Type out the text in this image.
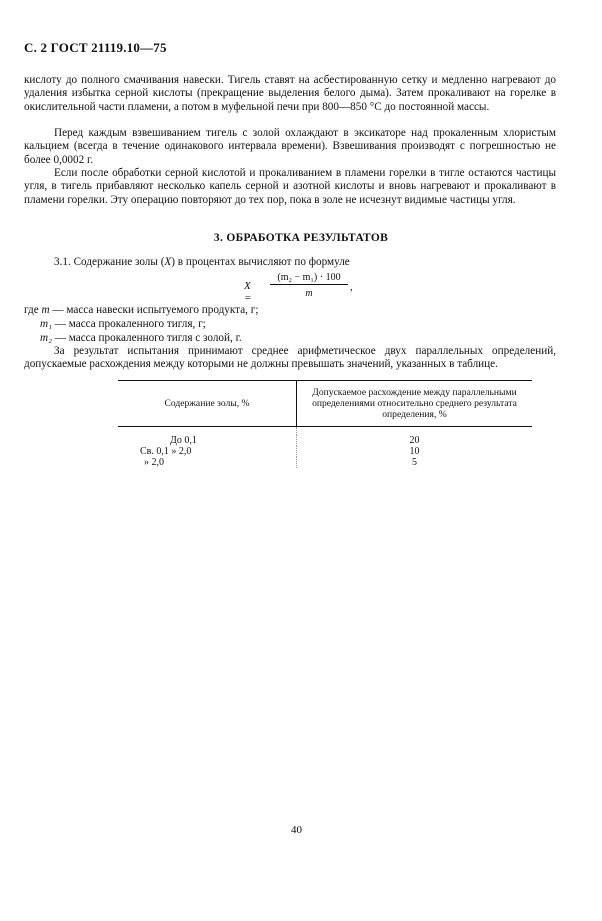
С. 2 ГОСТ 21119.10—75

кислоту до полного смачивания навески. Тигель ставят на асбестированную сетку и медленно нагревают до удаления избытка серной кислоты (прекращение выделения белого дыма). Затем прокаливают на горелке в окислительной части пламени, а потом в муфельной печи при 800—850 °С до постоянной массы.

Перед каждым взвешиванием тигель с золой охлаждают в эксикаторе над прокаленным хлористым кальцием (всегда в течение одинакового интервала времени). Взвешивания производят с погрешностью не более 0,0002 г.

Если после обработки серной кислотой и прокаливанием в пламени горелки в тигле остаются частицы угля, в тигель прибавляют несколько капель серной и азотной кислоты и вновь нагревают и прокаливают в пламени горелки. Эту операцию повторяют до тех пор, пока в золе не исчезнут видимые частицы угля.

3. ОБРАБОТКА РЕЗУЛЬТАТОВ
3.1. Содержание золы (X) в процентах вычисляют по формуле
$X = \frac{\text{(m₂ − m₁) · 100}}{m}$ ,
где m — масса навески испытуемого продукта, г;
m₁ — масса прокаленного тигля, г;
m₂ — масса прокаленного тигля с золой, г.

За результат испытания принимают среднее арифметическое двух параллельных определений, допускаемые расхождения между которыми не должны превышать значений, указанных в таблице.

Содержание золы, %	Допускаемое расхождение между параллельными определениями относительно среднего результата определения, %

До 0,1	20
Св. 0,1 » 2,0	10
» 2,0	5
40
